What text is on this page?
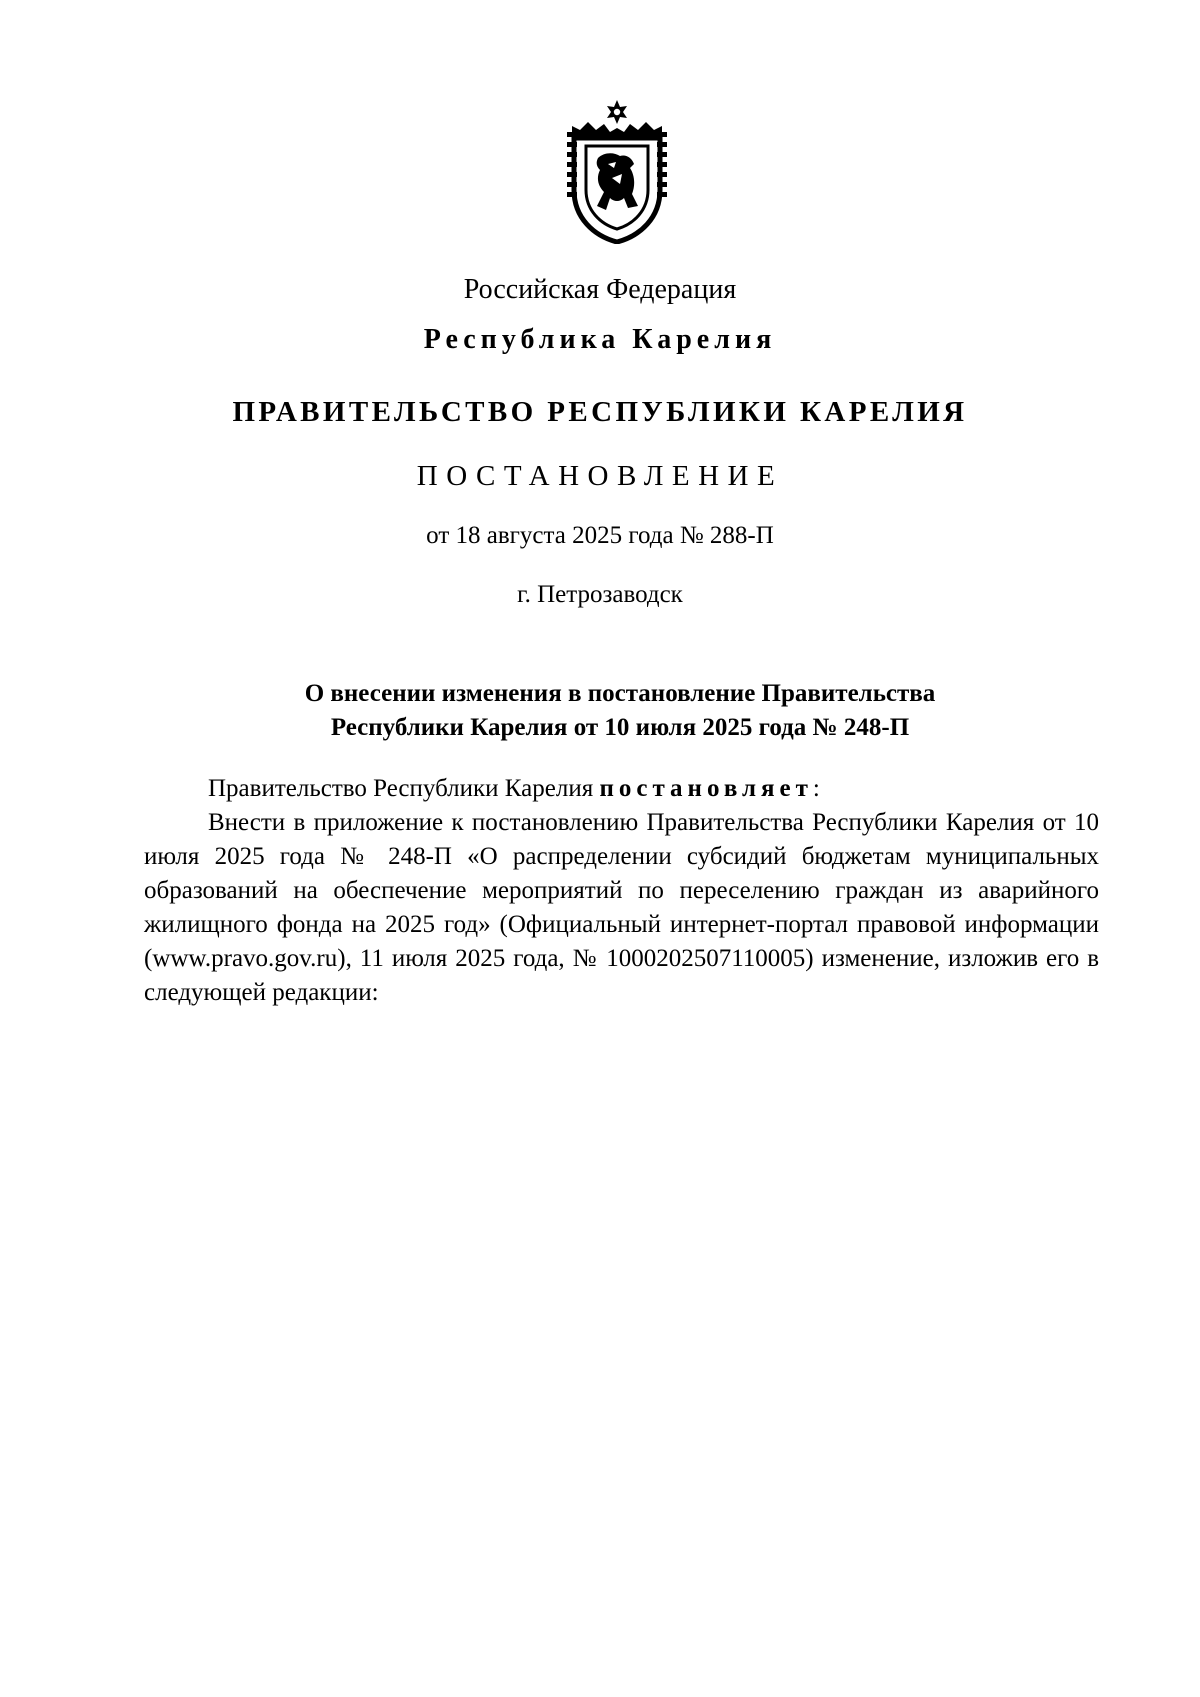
Российская Федерация
Республика Карелия
ПРАВИТЕЛЬСТВО РЕСПУБЛИКИ КАРЕЛИЯ
ПОСТАНОВЛЕНИЕ
от 18 августа 2025 года № 288-П
г. Петрозаводск
О внесении изменения в постановление Правительства
Республики Карелия от 10 июля 2025 года № 248-П

Правительство Республики Карелия постановляет:

Внести в приложение к постановлению Правительства Республики Карелия от 10 июля 2025 года № 248-П «О распределении субсидий бюджетам муниципальных образований на обеспечение мероприятий по переселению граждан из аварийного жилищного фонда на 2025 год» (Официальный интернет-портал правовой информации (www.pravo.gov.ru), 11 июля 2025 года, № 1000202507110005) изменение, изложив его в следующей редакции:
